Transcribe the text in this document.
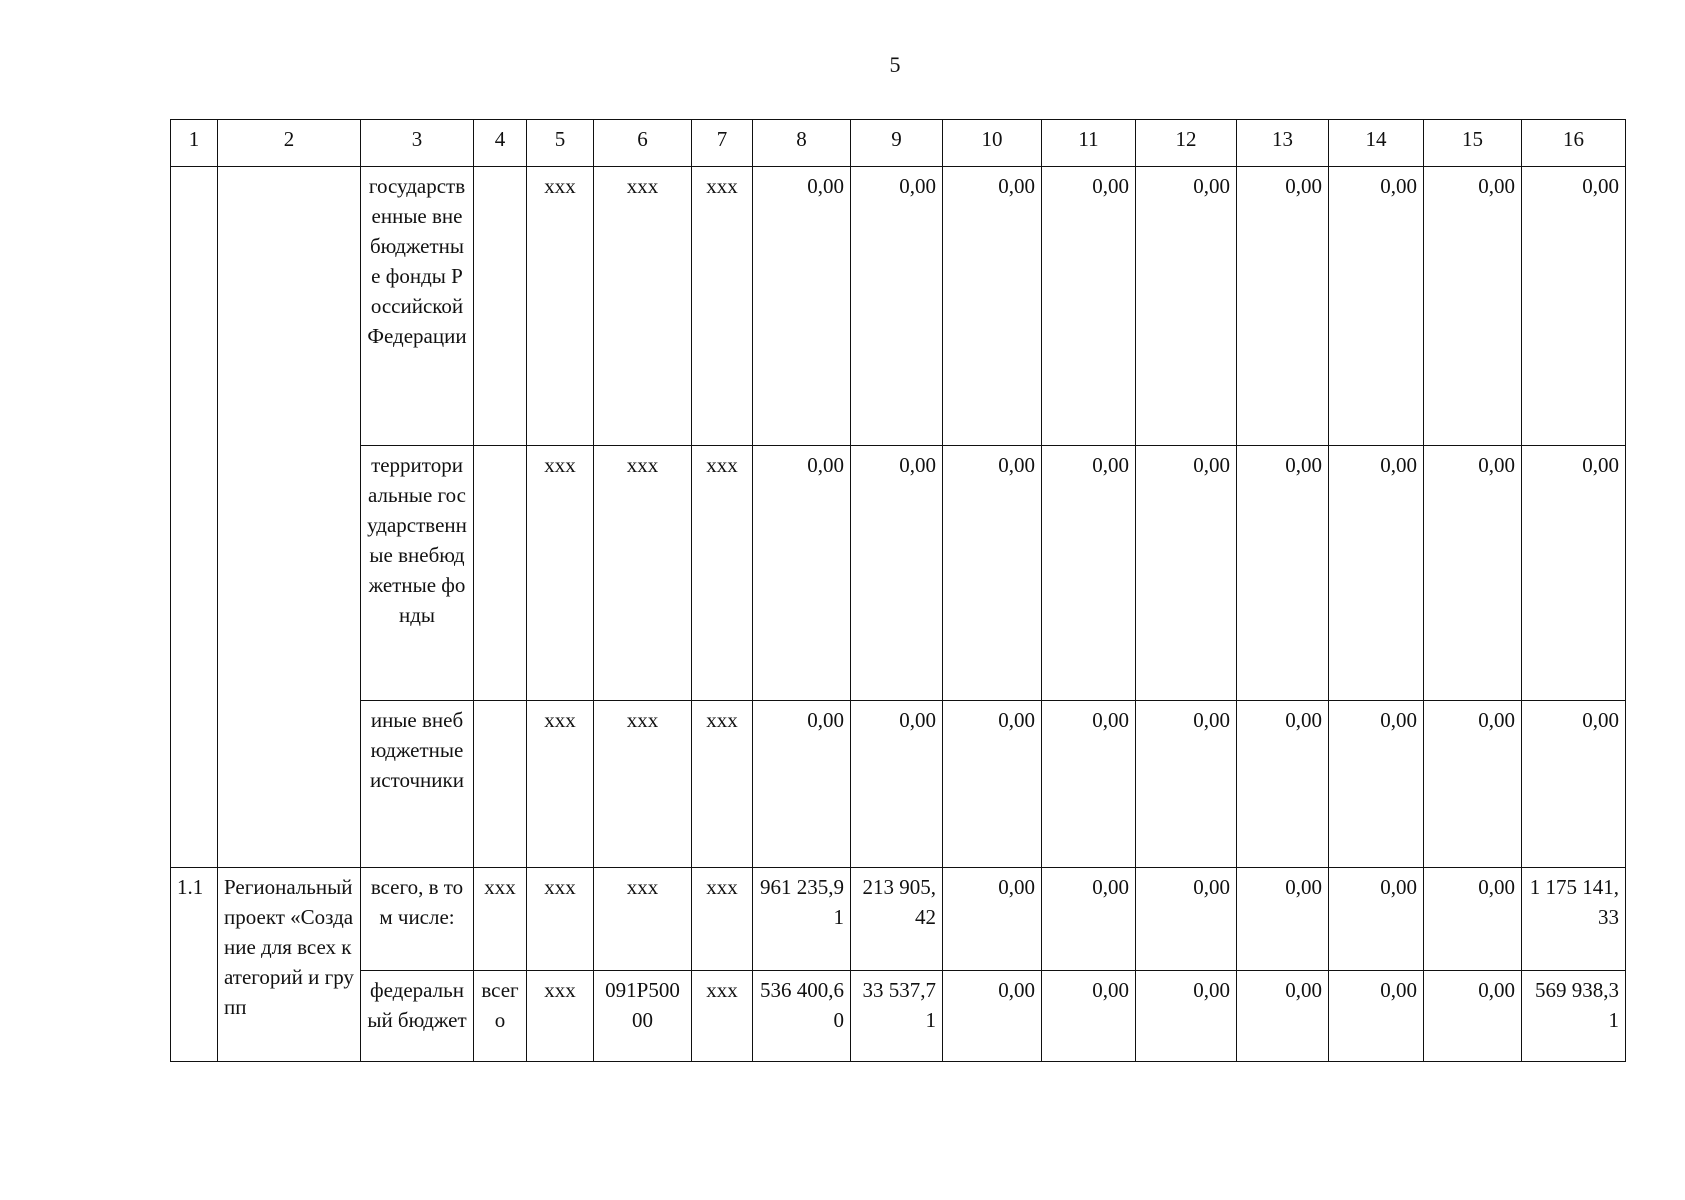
5
1	2	3	4	5	6	7	8	9	10	11	12	13	14	15	16
		государственные внебюджетные фонды Российской Федерации		ххх	ххх	ххх	0,00	0,00	0,00	0,00	0,00	0,00	0,00	0,00	0,00
		территориальные государственные внебюджетные фонды		ххх	ххх	ххх	0,00	0,00	0,00	0,00	0,00	0,00	0,00	0,00	0,00
		иные внебюджетные источники		ххх	ххх	ххх	0,00	0,00	0,00	0,00	0,00	0,00	0,00	0,00	0,00
1.1	Региональный проект «Создание для всех категорий и групп	всего, в том числе:	ххх	ххх	ххх	ххх	961 235,91	213 905,42	0,00	0,00	0,00	0,00	0,00	0,00	1 175 141,33
		федеральный бюджет	всего	ххх	091P50000	ххх	536 400,60	33 537,71	0,00	0,00	0,00	0,00	0,00	0,00	569 938,31
